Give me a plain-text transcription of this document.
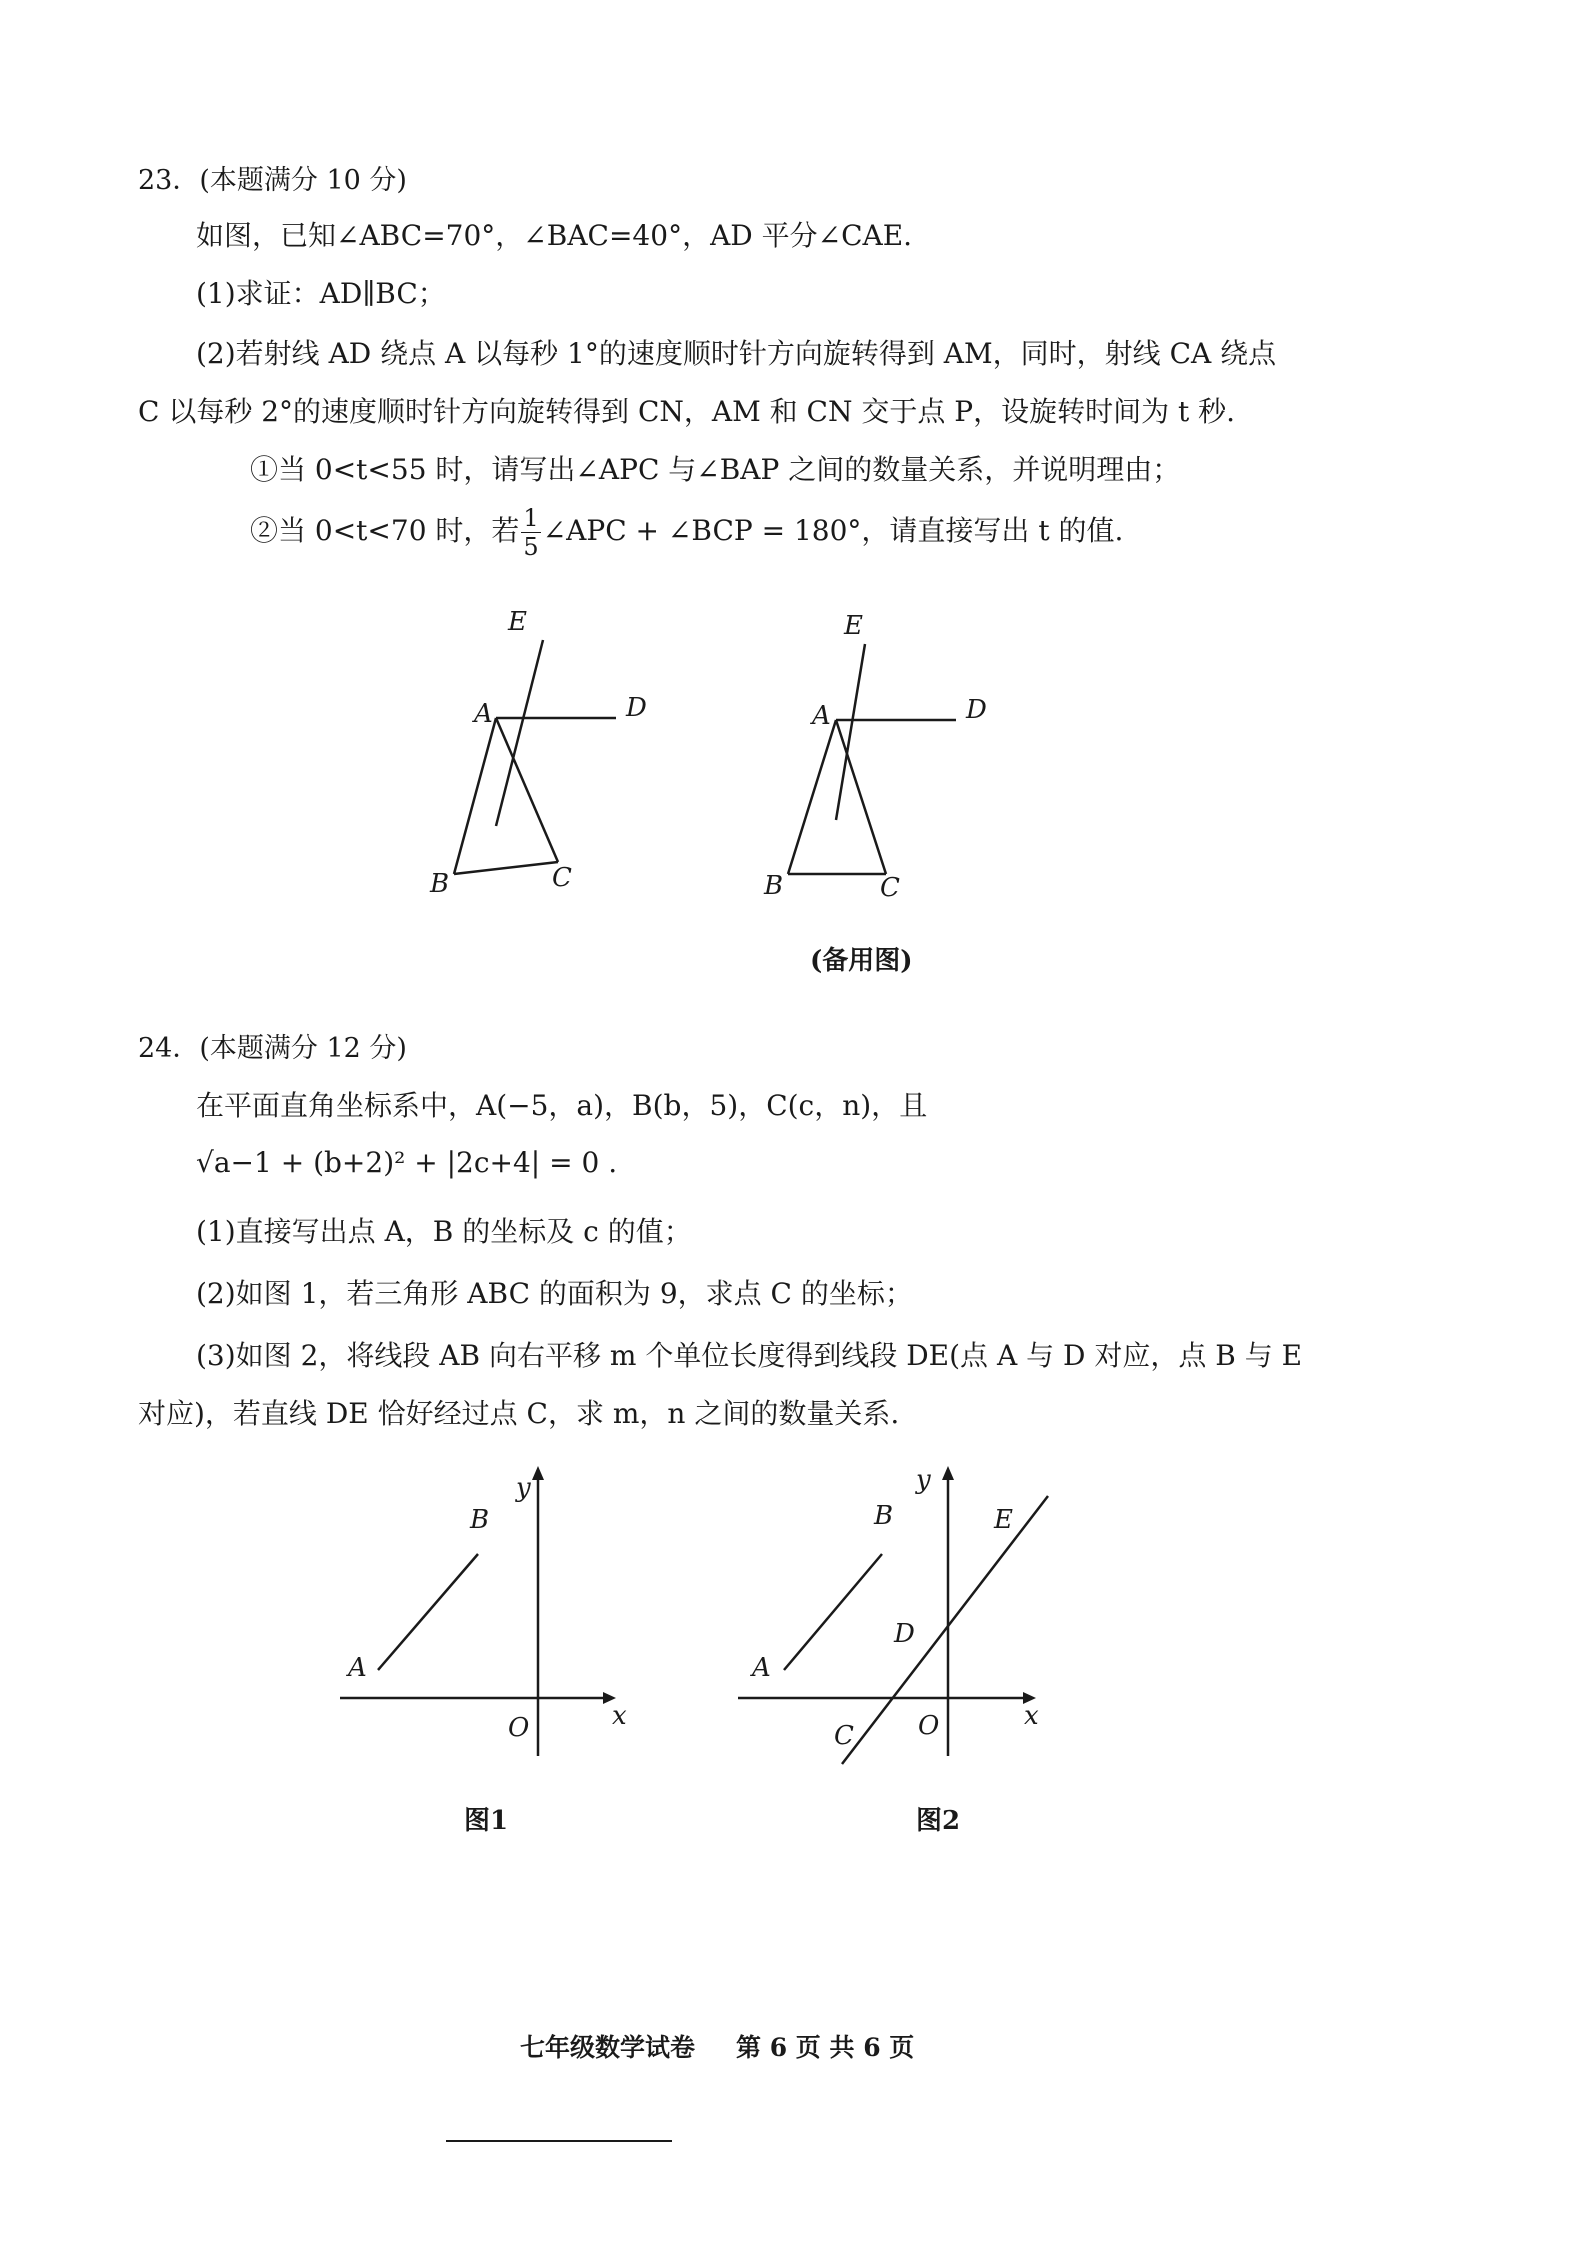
23．(本题满分 10 分)
如图，已知∠ABC=70°，∠BAC=40°，AD 平分∠CAE.
(1)求证：AD∥BC；
(2)若射线 AD 绕点 A 以每秒 1°的速度顺时针方向旋转得到 AM，同时，射线 CA 绕点
C 以每秒 2°的速度顺时针方向旋转得到 CN，AM 和 CN 交于点 P，设旋转时间为 t 秒.
①当 0<t<55 时，请写出∠APC 与∠BAP 之间的数量关系，并说明理由；
②当 0<t<70 时，若 $\frac{1}{5}$ ∠APC + ∠BCP = 180°，请直接写出 t 的值.
E
A	D
B	C
E
A	D
B	C
(备用图)
24．(本题满分 12 分)
在平面直角坐标系中，A(−5，a)，B(b，5)，C(c，n)，且
√a−1 + (b+2)² + |2c+4| = 0 .
(1)直接写出点 A，B 的坐标及 c 的值；
(2)如图 1，若三角形 ABC 的面积为 9，求点 C 的坐标；
(3)如图 2，将线段 AB 向右平移 m 个单位长度得到线段 DE(点 A 与 D 对应，点 B 与 E
对应)，若直线 DE 恰好经过点 C，求 m，n 之间的数量关系.
y
x
O
B
A
图1
y
x
O
B
A
D
E
C
图2
七年级数学试卷 第 6 页 共 6 页
